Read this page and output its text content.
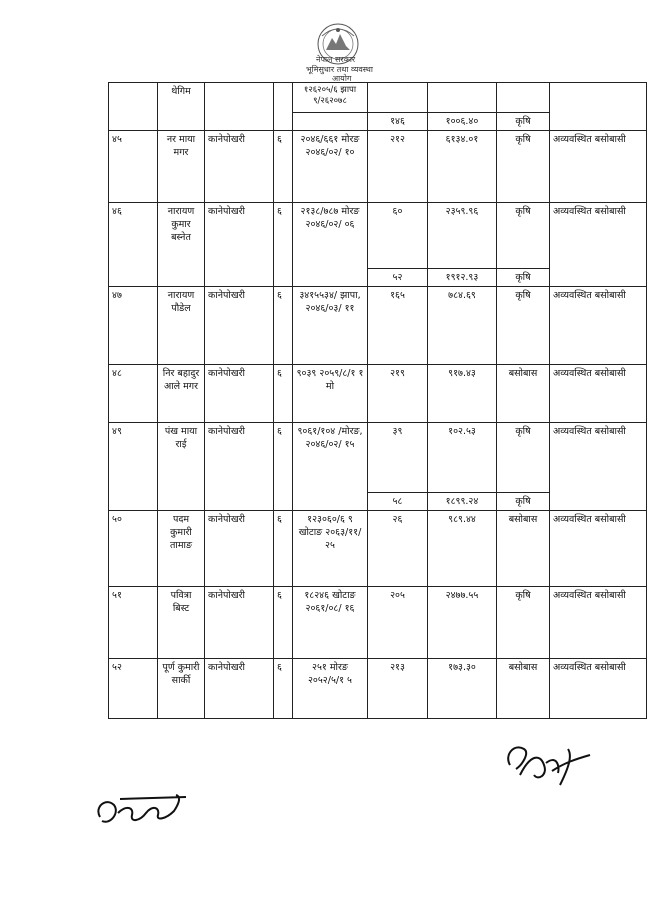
नेपाल सरकार
भूमिसुधार तथा व्यवस्था
आयोग
	थेगिम			१२६२०५/६ झापा
९/२६२०७८				

					१४६	१००६.४०	कृषि	
४५	नर माया मगर	कानेपोखरी	६	२०४६/६६१ मोरङ २०४६/०२/ १०	२१२	६१३४.०१	कृषि	अव्यवस्थित बसोबासी
४६	नारायण कुमार बस्नेत	कानेपोखरी	६	२१३८/७८७ मोरङ २०४६/०२/ ०६	६०	२३५९.९६	कृषि	अव्यवस्थित बसोबासी
					५२	१९१२.९३	कृषि	
४७	नारायण पौडेल	कानेपोखरी	६	३४१५५३४/ झापा, २०४६/०३/ ११	१६५	७८४.६९	कृषि	अव्यवस्थित बसोबासी
४८	निर बहादुर आले मगर	कानेपोखरी	६	९०३९ २०५९/८/१ १ मो	२१९	९१७.४३	बसोबास	अव्यवस्थित बसोबासी
४९	पंख माया राई	कानेपोखरी	६	९०६१/१०४ /मोरङ, २०४६/०२/ १५	३९	१०२.५३	कृषि	अव्यवस्थित बसोबासी
					५८	१८९९.२४	कृषि	
५०	पदम कुमारी तामाङ	कानेपोखरी	६	१२३०६०/६ ९ खोटाङ २०६३/११/ २५	२६	९८९.४४	बसोबास	अव्यवस्थित बसोबासी
५१	पवित्रा बिस्ट	कानेपोखरी	६	१८२४६ खोटाङ २०६१/०८/ १६	२०५	२४७७.५५	कृषि	अव्यवस्थित बसोबासी
५२	पूर्ण कुमारी सार्की	कानेपोखरी	६	२५१ मोरङ २०५२/५/१ ५	२१३	१७३.३०	बसोबास	अव्यवस्थित बसोबासी
